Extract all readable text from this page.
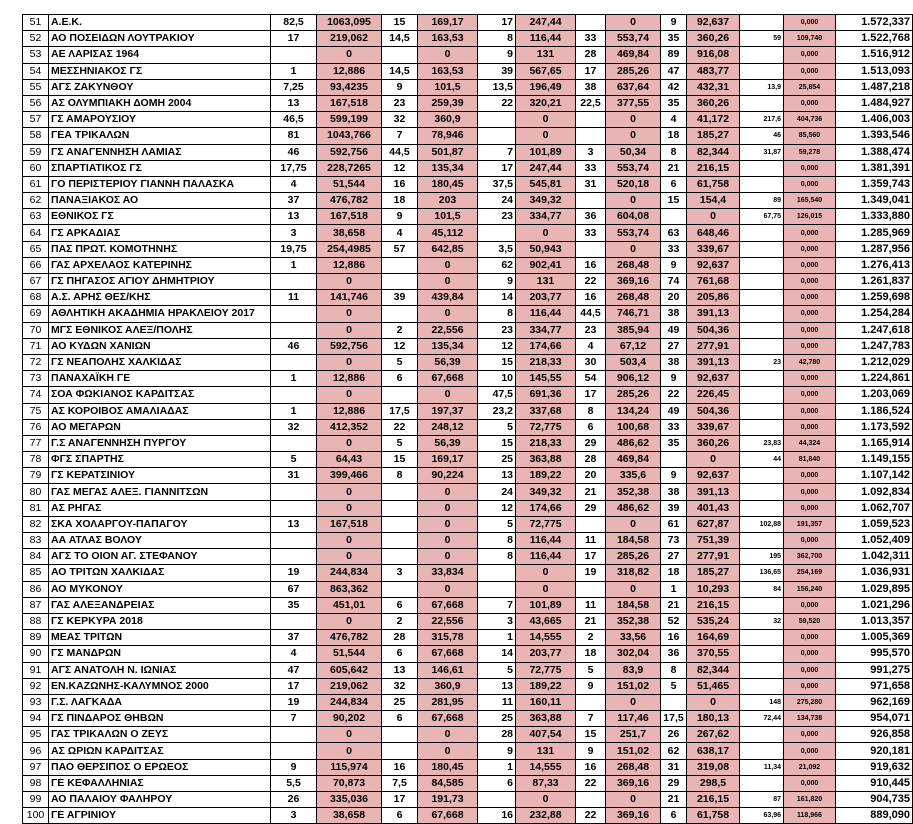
51	Α.Ε.Κ.	82,5	1063,095	15	169,17	17	247,44		0	9	92,637		0,000	1.572,337
52	ΑΟ ΠΟΣΕΙΔΩΝ ΛΟΥΤΡΑΚΙΟΥ	17	219,062	14,5	163,53	8	116,44	33	553,74	35	360,26	59	109,740	1.522,768
53	ΑΕ ΛΑΡΙΣΑΣ 1964		0		0	9	131	28	469,84	89	916,08		0,000	1.516,912
54	ΜΕΣΣΗΝΙΑΚΟΣ ΓΣ	1	12,886	14,5	163,53	39	567,65	17	285,26	47	483,77		0,000	1.513,093
55	ΑΓΣ ΖΑΚΥΝΘΟΥ	7,25	93,4235	9	101,5	13,5	196,49	38	637,64	42	432,31	13,9	25,854	1.487,218
56	ΑΣ ΟΛΥΜΠΙΑΚΗ ΔΟΜΗ 2004	13	167,518	23	259,39	22	320,21	22,5	377,55	35	360,26		0,000	1.484,927
57	ΓΣ ΑΜΑΡΟΥΣΙΟΥ	46,5	599,199	32	360,9		0		0	4	41,172	217,6	404,736	1.406,003
58	ΓΕΑ ΤΡΙΚΑΛΩΝ	81	1043,766	7	78,946		0		0	18	185,27	46	85,560	1.393,546
59	ΓΣ ΑΝΑΓΕΝΝΗΣΗ ΛΑΜΙΑΣ	46	592,756	44,5	501,87	7	101,89	3	50,34	8	82,344	31,87	59,278	1.388,474
60	ΣΠΑΡΤΙΑΤΙΚΟΣ ΓΣ	17,75	228,7265	12	135,34	17	247,44	33	553,74	21	216,15		0,000	1.381,391
61	ΓΟ ΠΕΡΙΣΤΕΡΙΟΥ ΓΙΑΝΝΗ ΠΑΛΑΣΚΑ	4	51,544	16	180,45	37,5	545,81	31	520,18	6	61,758		0,000	1.359,743
62	ΠΑΝΑΞΙΑΚΟΣ ΑΟ	37	476,782	18	203	24	349,32		0	15	154,4	89	165,540	1.349,041
63	ΕΘΝΙΚΟΣ ΓΣ	13	167,518	9	101,5	23	334,77	36	604,08		0	67,75	126,015	1.333,880
64	ΓΣ ΑΡΚΑΔΙΑΣ	3	38,658	4	45,112		0	33	553,74	63	648,46		0,000	1.285,969
65	ΠΑΣ ΠΡΩΤ. ΚΟΜΟΤΗΝΗΣ	19,75	254,4985	57	642,85	3,5	50,943		0	33	339,67		0,000	1.287,956
66	ΓΑΣ ΑΡΧΕΛΑΟΣ ΚΑΤΕΡΙΝΗΣ	1	12,886		0	62	902,41	16	268,48	9	92,637		0,000	1.276,413
67	ΓΣ ΠΗΓΑΣΟΣ ΑΓΙΟΥ ΔΗΜΗΤΡΙΟΥ		0		0	9	131	22	369,16	74	761,68		0,000	1.261,837
68	Α.Σ. ΑΡΗΣ ΘΕΣ/ΚΗΣ	11	141,746	39	439,84	14	203,77	16	268,48	20	205,86		0,000	1.259,698
69	ΑΘΛΗΤΙΚΗ ΑΚΑΔΗΜΙΑ ΗΡΑΚΛΕΙΟΥ 2017		0		0	8	116,44	44,5	746,71	38	391,13		0,000	1.254,284
70	ΜΓΣ ΕΘΝΙΚΟΣ ΑΛΕΞ/ΠΟΛΗΣ		0	2	22,556	23	334,77	23	385,94	49	504,36		0,000	1.247,618
71	ΑΟ ΚΥΔΩΝ ΧΑΝΙΩΝ	46	592,756	12	135,34	12	174,66	4	67,12	27	277,91		0,000	1.247,783
72	ΓΣ ΝΕΑΠΟΛΗΣ ΧΑΛΚΙΔΑΣ		0	5	56,39	15	218,33	30	503,4	38	391,13	23	42,780	1.212,029
73	ΠΑΝΑΧΑΪΚΗ ΓΕ	1	12,886	6	67,668	10	145,55	54	906,12	9	92,637		0,000	1.224,861
74	ΣΟΑ ΦΩΚΙΑΝΟΣ ΚΑΡΔΙΤΣΑΣ		0		0	47,5	691,36	17	285,26	22	226,45		0,000	1.203,069
75	ΑΣ ΚΟΡΟΙΒΟΣ ΑΜΑΛΙΑΔΑΣ	1	12,886	17,5	197,37	23,2	337,68	8	134,24	49	504,36		0,000	1.186,524
76	ΑΟ ΜΕΓΑΡΩΝ	32	412,352	22	248,12	5	72,775	6	100,68	33	339,67		0,000	1.173,592
77	Γ.Σ ΑΝΑΓΕΝΝΗΣΗ ΠΥΡΓΟΥ		0	5	56,39	15	218,33	29	486,62	35	360,26	23,83	44,324	1.165,914
78	ΦΓΣ ΣΠΑΡΤΗΣ	5	64,43	15	169,17	25	363,88	28	469,84		0	44	81,840	1.149,155
79	ΓΣ ΚΕΡΑΤΣΙΝΙΟΥ	31	399,466	8	90,224	13	189,22	20	335,6	9	92,637		0,000	1.107,142
80	ΓΑΣ ΜΕΓΑΣ ΑΛΕΞ. ΓΙΑΝΝΙΤΣΩΝ		0		0	24	349,32	21	352,38	38	391,13		0,000	1.092,834
81	ΑΣ ΡΗΓΑΣ		0		0	12	174,66	29	486,62	39	401,43		0,000	1.062,707
82	ΣΚΑ ΧΟΛΑΡΓΟΥ-ΠΑΠΑΓΟΥ	13	167,518		0	5	72,775		0	61	627,87	102,88	191,357	1.059,523
83	ΑΑ ΑΤΛΑΣ ΒΟΛΟΥ		0		0	8	116,44	11	184,58	73	751,39		0,000	1.052,409
84	ΑΓΣ ΤΟ ΟΙΟΝ ΑΓ. ΣΤΕΦΑΝΟΥ		0		0	8	116,44	17	285,26	27	277,91	195	362,700	1.042,311
85	ΑΟ ΤΡΙΤΩΝ ΧΑΛΚΙΔΑΣ	19	244,834	3	33,834		0	19	318,82	18	185,27	136,65	254,169	1.036,931
86	ΑΟ ΜΥΚΟΝΟΥ	67	863,362		0		0		0	1	10,293	84	156,240	1.029,895
87	ΓΑΣ ΑΛΕΞΑΝΔΡΕΙΑΣ	35	451,01	6	67,668	7	101,89	11	184,58	21	216,15		0,000	1.021,296
88	ΓΣ ΚΕΡΚΥΡΑ 2018		0	2	22,556	3	43,665	21	352,38	52	535,24	32	59,520	1.013,357
89	ΜΕΑΣ ΤΡΙΤΩΝ	37	476,782	28	315,78	1	14,555	2	33,56	16	164,69		0,000	1.005,369
90	ΓΣ ΜΑΝΔΡΩΝ	4	51,544	6	67,668	14	203,77	18	302,04	36	370,55		0,000	995,570
91	ΑΓΣ ΑΝΑΤΟΛΗ Ν. ΙΩΝΙΑΣ	47	605,642	13	146,61	5	72,775	5	83,9	8	82,344		0,000	991,275
92	ΕΝ.ΚΑΖΩΝΗΣ-ΚΑΛΥΜΝΟΣ 2000	17	219,062	32	360,9	13	189,22	9	151,02	5	51,465		0,000	971,658
93	Γ.Σ. ΛΑΓΚΑΔΑ	19	244,834	25	281,95	11	160,11		0		0	148	275,280	962,169
94	ΓΣ ΠΙΝΔΑΡΟΣ ΘΗΒΩΝ	7	90,202	6	67,668	25	363,88	7	117,46	17,5	180,13	72,44	134,738	954,071
95	ΓΑΣ ΤΡΙΚΑΛΩΝ Ο ΖΕΥΣ		0		0	28	407,54	15	251,7	26	267,62		0,000	926,858
96	ΑΣ ΩΡΙΩΝ ΚΑΡΔΙΤΣΑΣ		0		0	9	131	9	151,02	62	638,17		0,000	920,181
97	ΠΑΟ ΘΕΡΣΙΠΟΣ Ο ΕΡΩΕΟΣ	9	115,974	16	180,45	1	14,555	16	268,48	31	319,08	11,34	21,092	919,632
98	ΓΕ ΚΕΦΑΛΛΗΝΙΑΣ	5,5	70,873	7,5	84,585	6	87,33	22	369,16	29	298,5		0,000	910,445
99	ΑΟ ΠΑΛΑΙΟΥ ΦΑΛΗΡΟΥ	26	335,036	17	191,73		0		0	21	216,15	87	161,820	904,735
100	ΓΕ ΑΓΡΙΝΙΟΥ	3	38,658	6	67,668	16	232,88	22	369,16	6	61,758	63,96	118,966	889,090
